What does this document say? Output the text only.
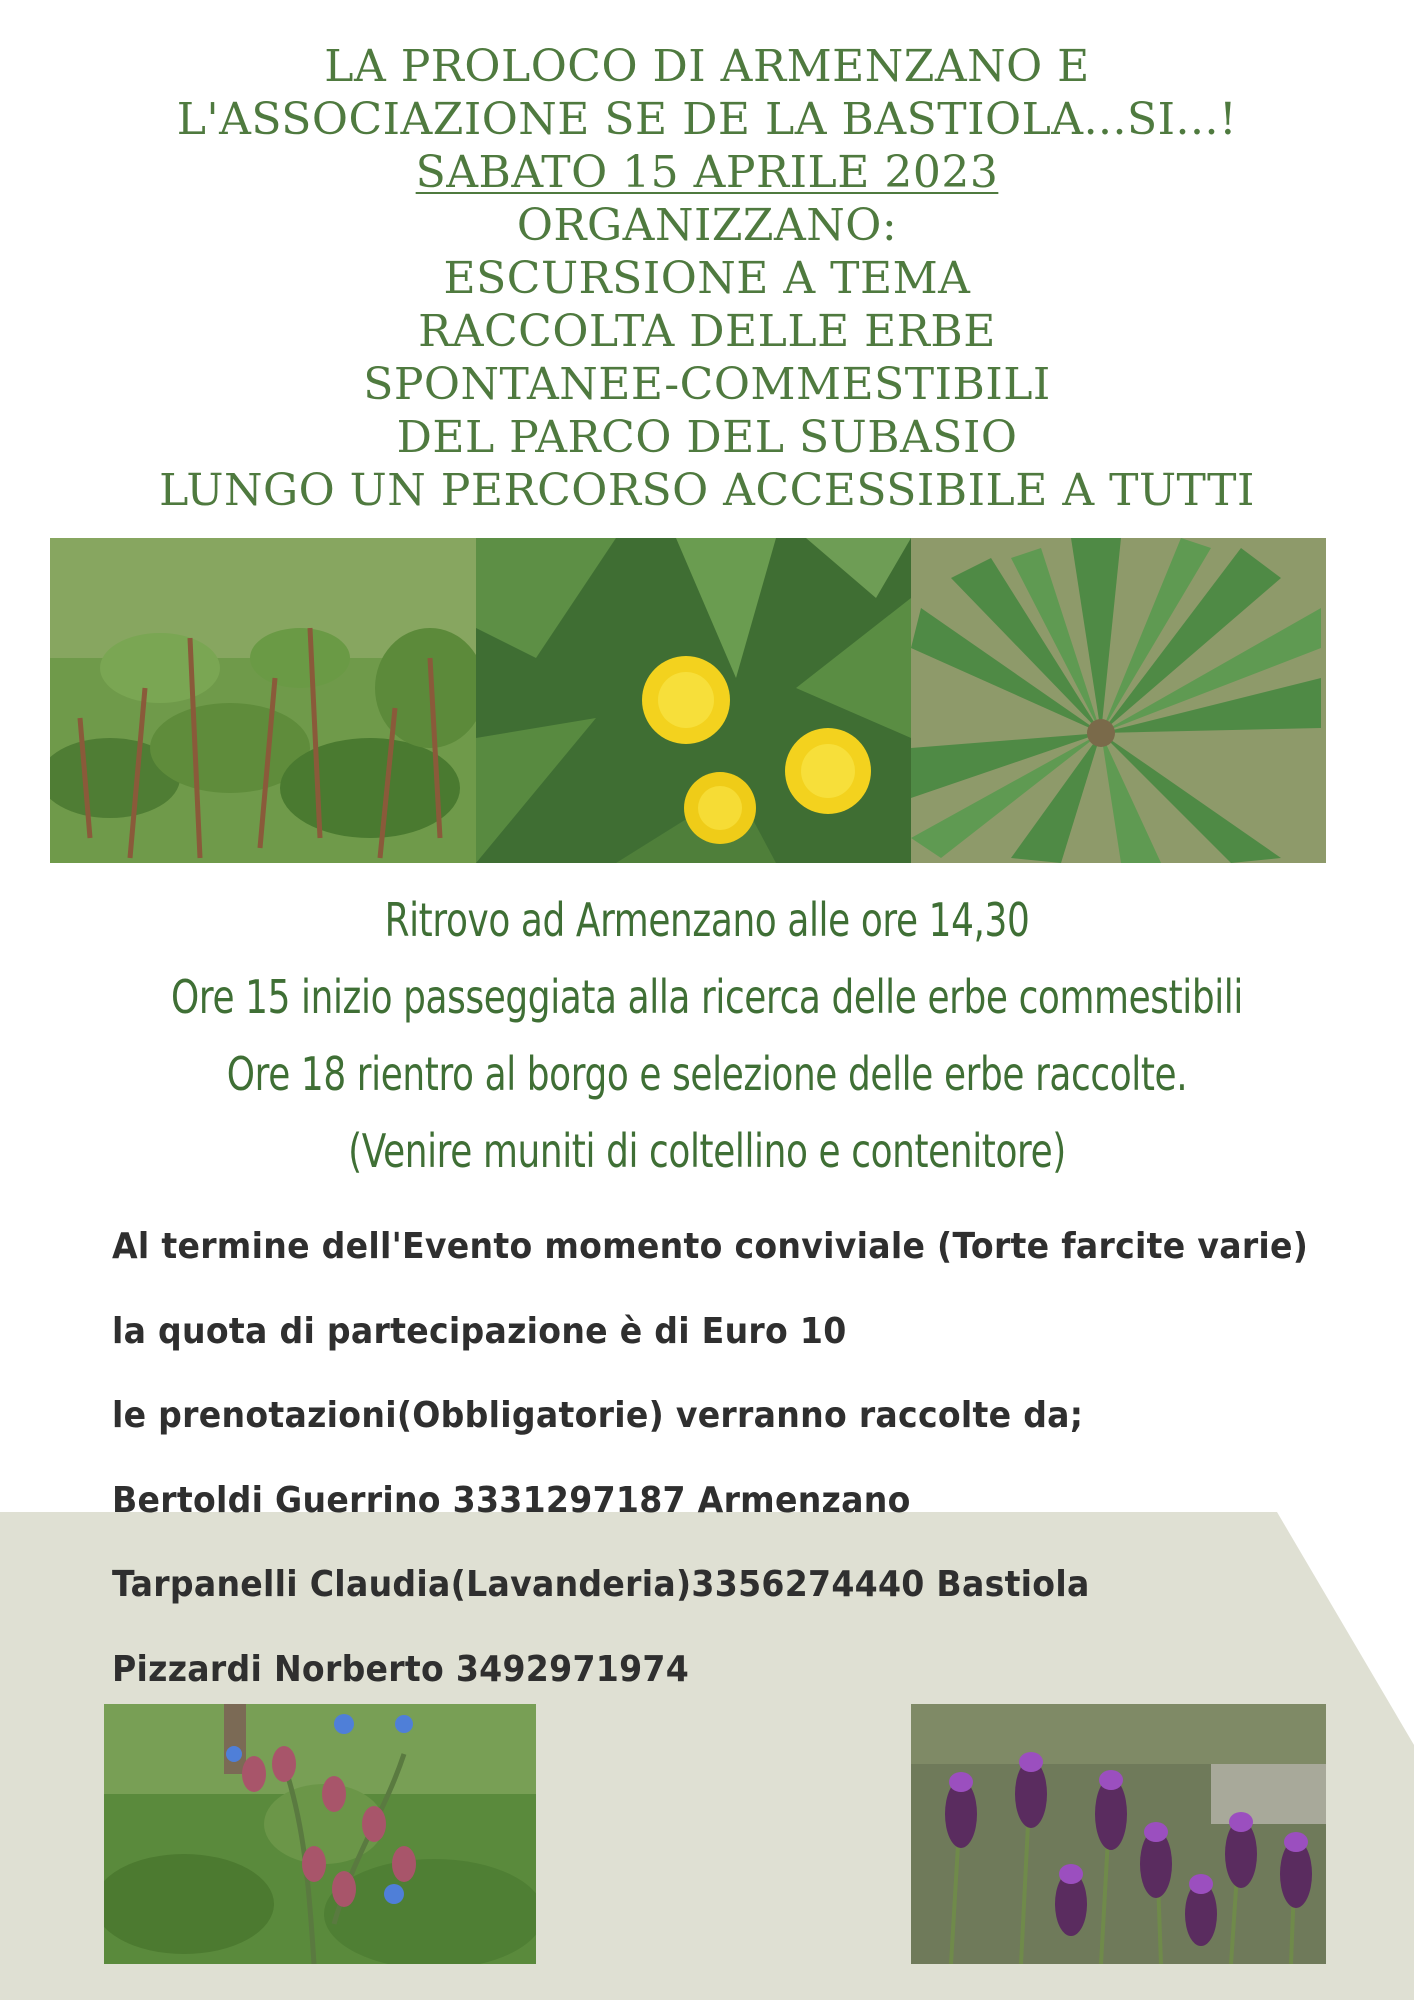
LA PROLOCO DI ARMENZANO E
L'ASSOCIAZIONE SE DE LA BASTIOLA...SI...!
SABATO 15 APRILE 2023
ORGANIZZANO:
ESCURSIONE A TEMA
RACCOLTA DELLE ERBE
SPONTANEE-COMMESTIBILI
DEL PARCO DEL SUBASIO
LUNGO UN PERCORSO ACCESSIBILE A TUTTI
Ritrovo ad Armenzano alle ore 14,30
Ore 15 inizio passeggiata alla ricerca delle erbe commestibili
Ore 18 rientro al borgo e selezione delle erbe raccolte.
(Venire muniti di coltellino e contenitore)
Al termine dell'Evento momento conviviale (Torte farcite varie)
la quota di partecipazione è di Euro 10
le prenotazioni(Obbligatorie) verranno raccolte da;
Bertoldi Guerrino 3331297187 Armenzano
Tarpanelli Claudia(Lavanderia)3356274440 Bastiola
Pizzardi Norberto 3492971974
